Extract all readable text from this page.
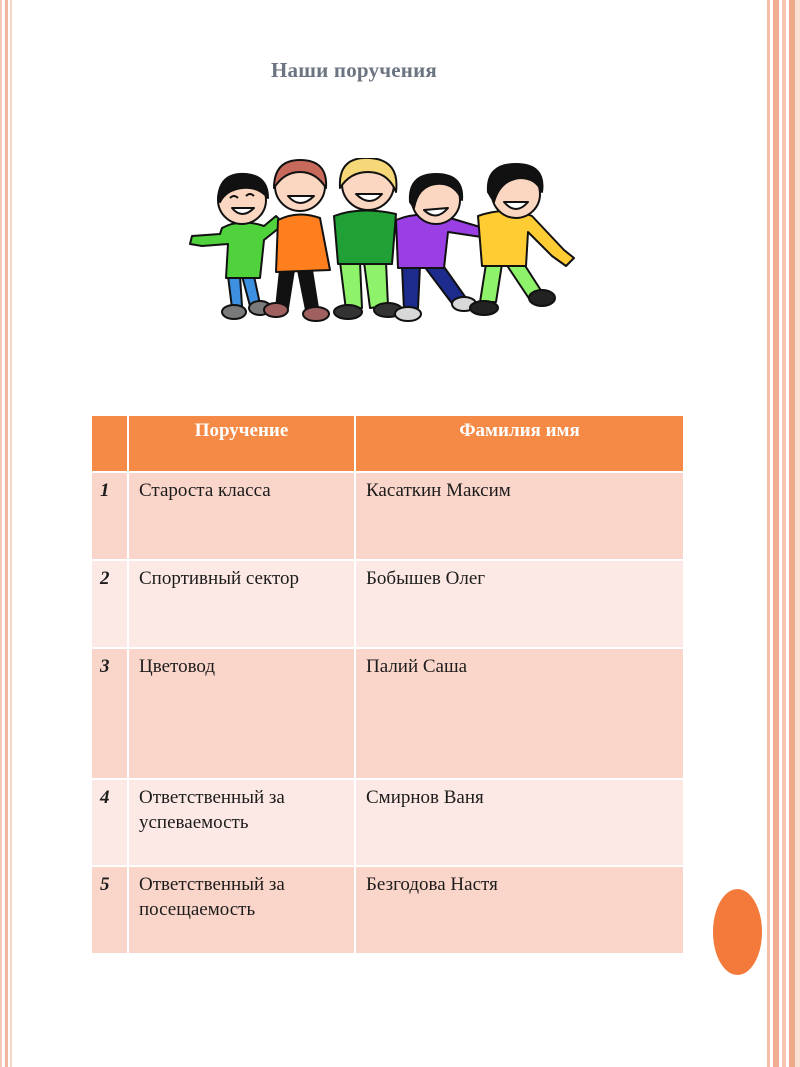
Наши поручения
	Поручение	Фамилия имя
1	Староста класса	Касаткин Максим
2	Спортивный сектор	Бобышев Олег
3	Цветовод	Палий Саша
4	Ответственный за успеваемость	Смирнов Ваня
5	Ответственный за посещаемость	Безгодова Настя
